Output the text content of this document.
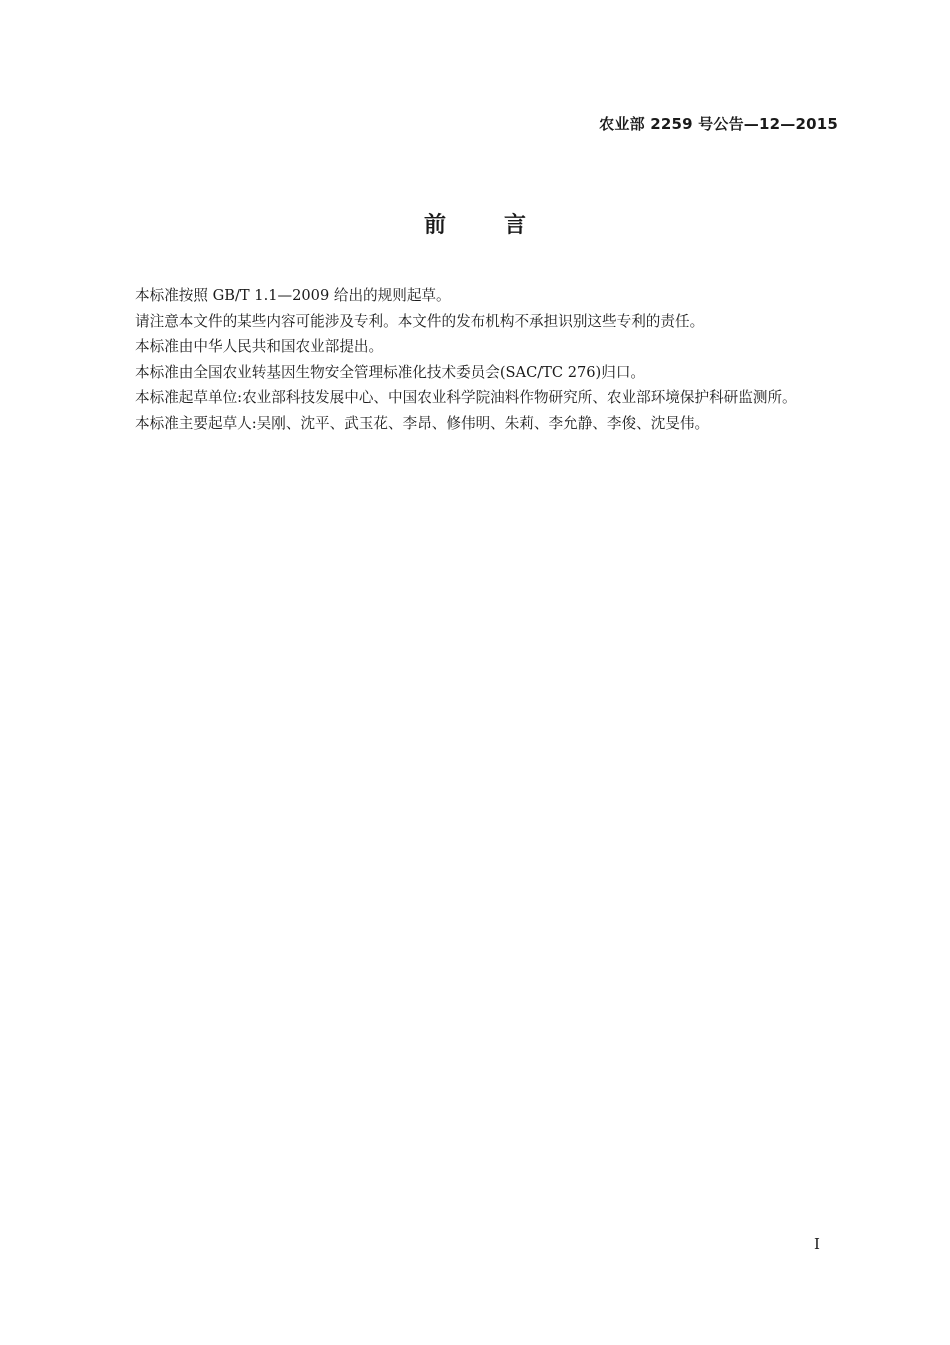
农业部 2259 号公告—12—2015
前言

本标准按照 GB/T 1.1—2009 给出的规则起草。

请注意本文件的某些内容可能涉及专利。本文件的发布机构不承担识别这些专利的责任。

本标准由中华人民共和国农业部提出。

本标准由全国农业转基因生物安全管理标准化技术委员会(SAC/TC 276)归口。

本标准起草单位:农业部科技发展中心、中国农业科学院油料作物研究所、农业部环境保护科研监测所。

本标准主要起草人:吴刚、沈平、武玉花、李昂、修伟明、朱莉、李允静、李俊、沈旻伟。

I
